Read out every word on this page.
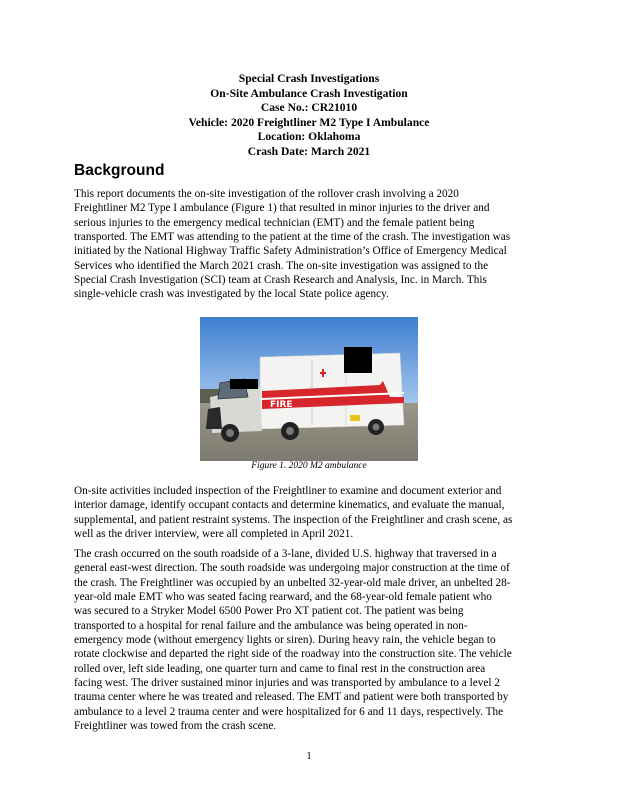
Special Crash Investigations
On-Site Ambulance Crash Investigation
Case No.: CR21010
Vehicle: 2020 Freightliner M2 Type I Ambulance
Location: Oklahoma
Crash Date: March 2021
Background
This report documents the on-site investigation of the rollover crash involving a 2020
Freightliner M2 Type I ambulance (Figure 1) that resulted in minor injuries to the driver and
serious injuries to the emergency medical technician (EMT) and the female patient being
transported. The EMT was attending to the patient at the time of the crash. The investigation was
initiated by the National Highway Traffic Safety Administration’s Office of Emergency Medical
Services who identified the March 2021 crash. The on-site investigation was assigned to the
Special Crash Investigation (SCI) team at Crash Research and Analysis, Inc. in March. This
single-vehicle crash was investigated by the local State police agency.
FIRE
Figure 1. 2020 M2 ambulance
On-site activities included inspection of the Freightliner to examine and document exterior and
interior damage, identify occupant contacts and determine kinematics, and evaluate the manual,
supplemental, and patient restraint systems. The inspection of the Freightliner and crash scene, as
well as the driver interview, were all completed in April 2021.
The crash occurred on the south roadside of a 3-lane, divided U.S. highway that traversed in a
general east-west direction. The south roadside was undergoing major construction at the time of
the crash. The Freightliner was occupied by an unbelted 32-year-old male driver, an unbelted 28-
year-old male EMT who was seated facing rearward, and the 68-year-old female patient who
was secured to a Stryker Model 6500 Power Pro XT patient cot. The patient was being
transported to a hospital for renal failure and the ambulance was being operated in non-
emergency mode (without emergency lights or siren). During heavy rain, the vehicle began to
rotate clockwise and departed the right side of the roadway into the construction site. The vehicle
rolled over, left side leading, one quarter turn and came to final rest in the construction area
facing west. The driver sustained minor injuries and was transported by ambulance to a level 2
trauma center where he was treated and released. The EMT and patient were both transported by
ambulance to a level 2 trauma center and were hospitalized for 6 and 11 days, respectively. The
Freightliner was towed from the crash scene.
1
